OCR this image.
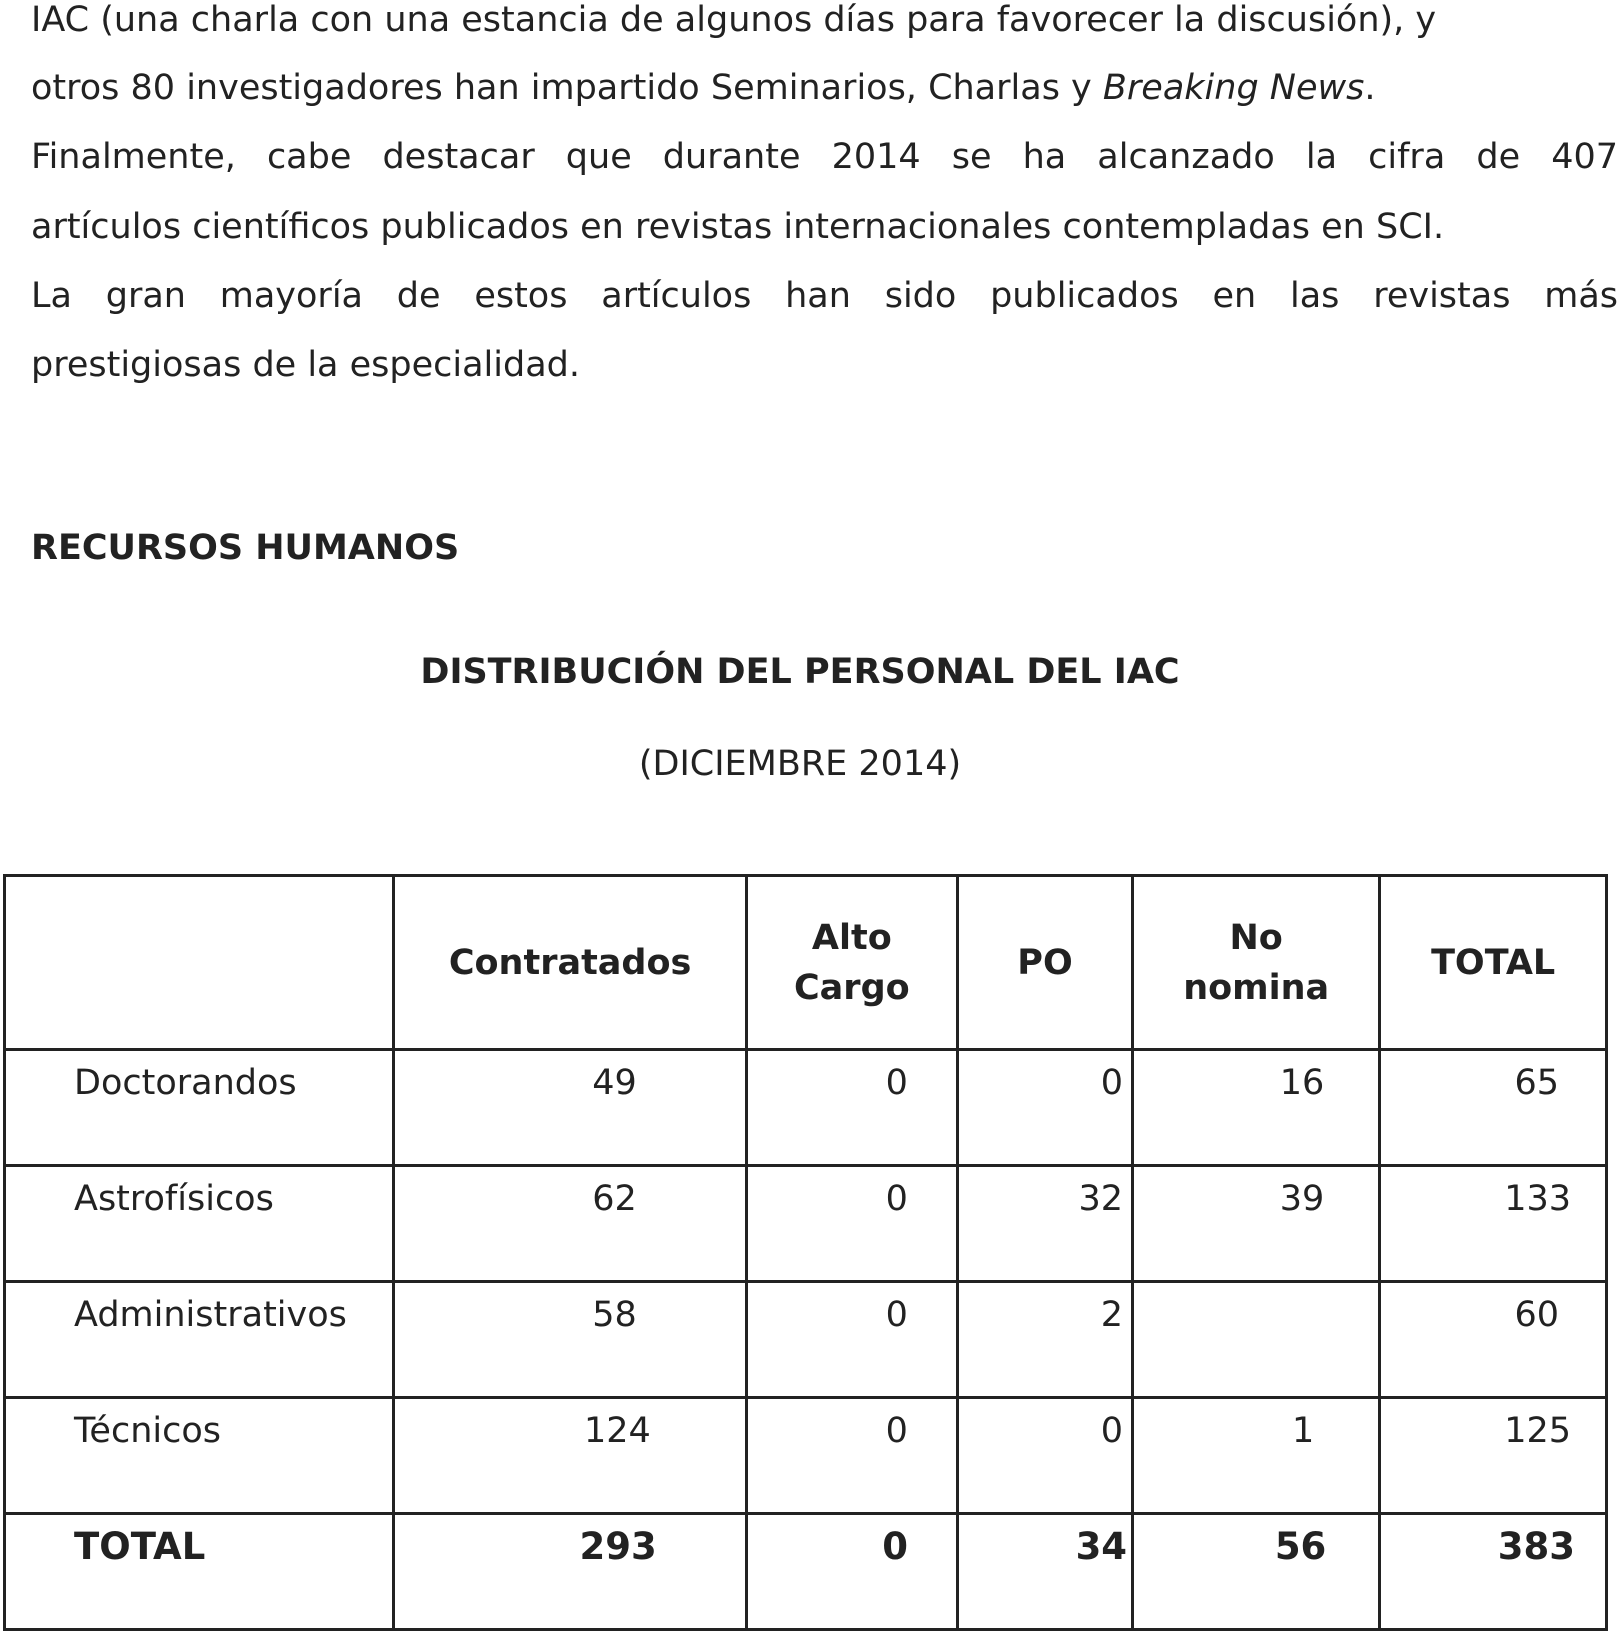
IAC (una charla con una estancia de algunos días para favorecer la discusión), y
otros 80 investigadores han impartido Seminarios, Charlas y Breaking News.
Finalmente, cabe destacar que durante 2014 se ha alcanzado la cifra de 407
artículos científicos publicados en revistas internacionales contempladas en SCI.
La gran mayoría de estos artículos han sido publicados en las revistas más
prestigiosas de la especialidad.
RECURSOS HUMANOS
DISTRIBUCIÓN DEL PERSONAL DEL IAC
(DICIEMBRE 2014)
	Contratados	Alto Cargo	PO	No nomina	TOTAL
Doctorandos	49	0	0	16	65
Astrofísicos	62	0	32	39	133
Administrativos	58	0	2		60
Técnicos	124	0	0	1	125
TOTAL	293	0	34	56	383
